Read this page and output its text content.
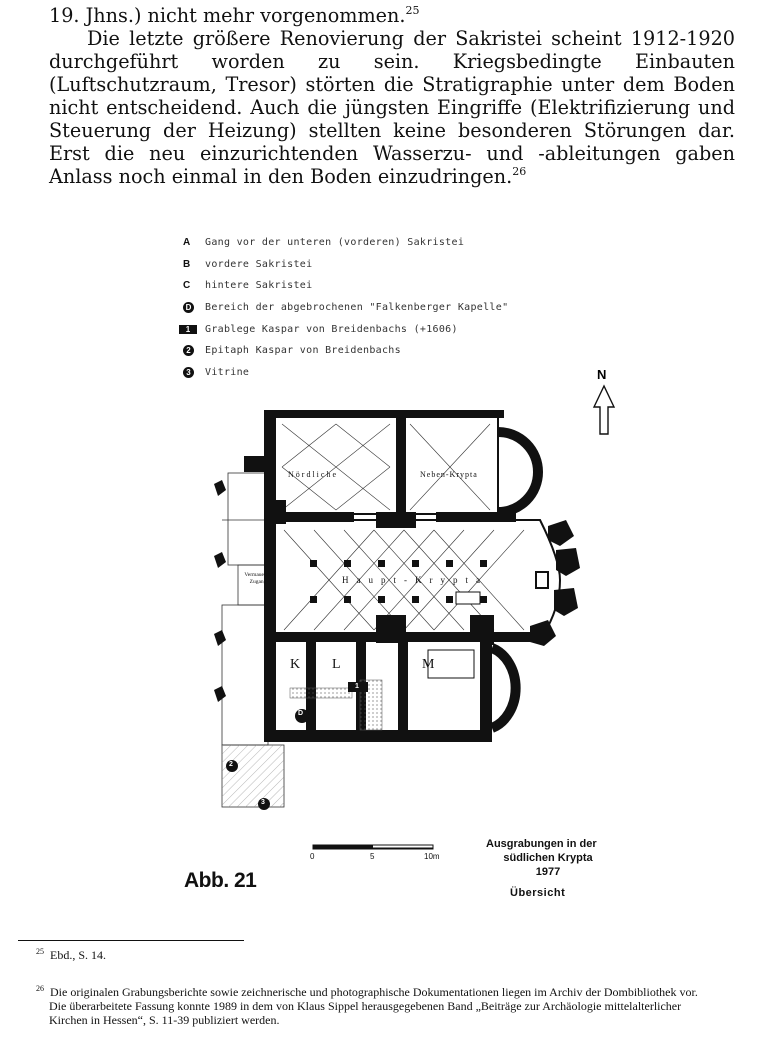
19. Jhns.) nicht mehr vorgenommen.$^{25}$

Die letzte größere Renovierung der Sakristei scheint 1912-1920 durchgeführt worden zu sein. Kriegsbedingte Einbauten (Luftschutzraum, Tresor) störten die Stratigraphie unter dem Boden nicht entscheidend. Auch die jüngsten Eingriffe (Elektrifizierung und Steuerung der Heizung) stellten keine besonderen Störungen dar. Erst die neu einzurichtenden Wasserzu- und -ableitungen gaben Anlass noch einmal in den Boden einzudringen.$^{26}$

A	Gang vor der unteren (vorderen) Sakristei
B	vordere Sakristei
C	hintere Sakristei
D Bereich der abgebrochenen "Falkenberger Kapelle"
1	Grablege Kaspar von Breidenbachs (+1606)
2	Epitaph Kaspar von Breidenbachs
3	Vitrine	N
Nördliche	Neben-Krypta
Haupt-Krypta
Vermauerter Zugang
K L	M
D
1
2
3
0	5	10m
Abb. 21
Ausgrabungen in der
südlichen Krypta
1977
Übersicht
$^{25}$ Ebd., S. 14.
$^{26}$ Die originalen Grabungsberichte sowie zeichnerische und photographische Dokumentationen liegen im Archiv der Dombibliothek vor.
Die überarbeitete Fassung konnte 1989 in dem von Klaus Sippel herausgegebenen Band „Beiträge zur Archäologie mittelalterlicher
Kirchen in Hessen“, S. 11-39 publiziert werden.
